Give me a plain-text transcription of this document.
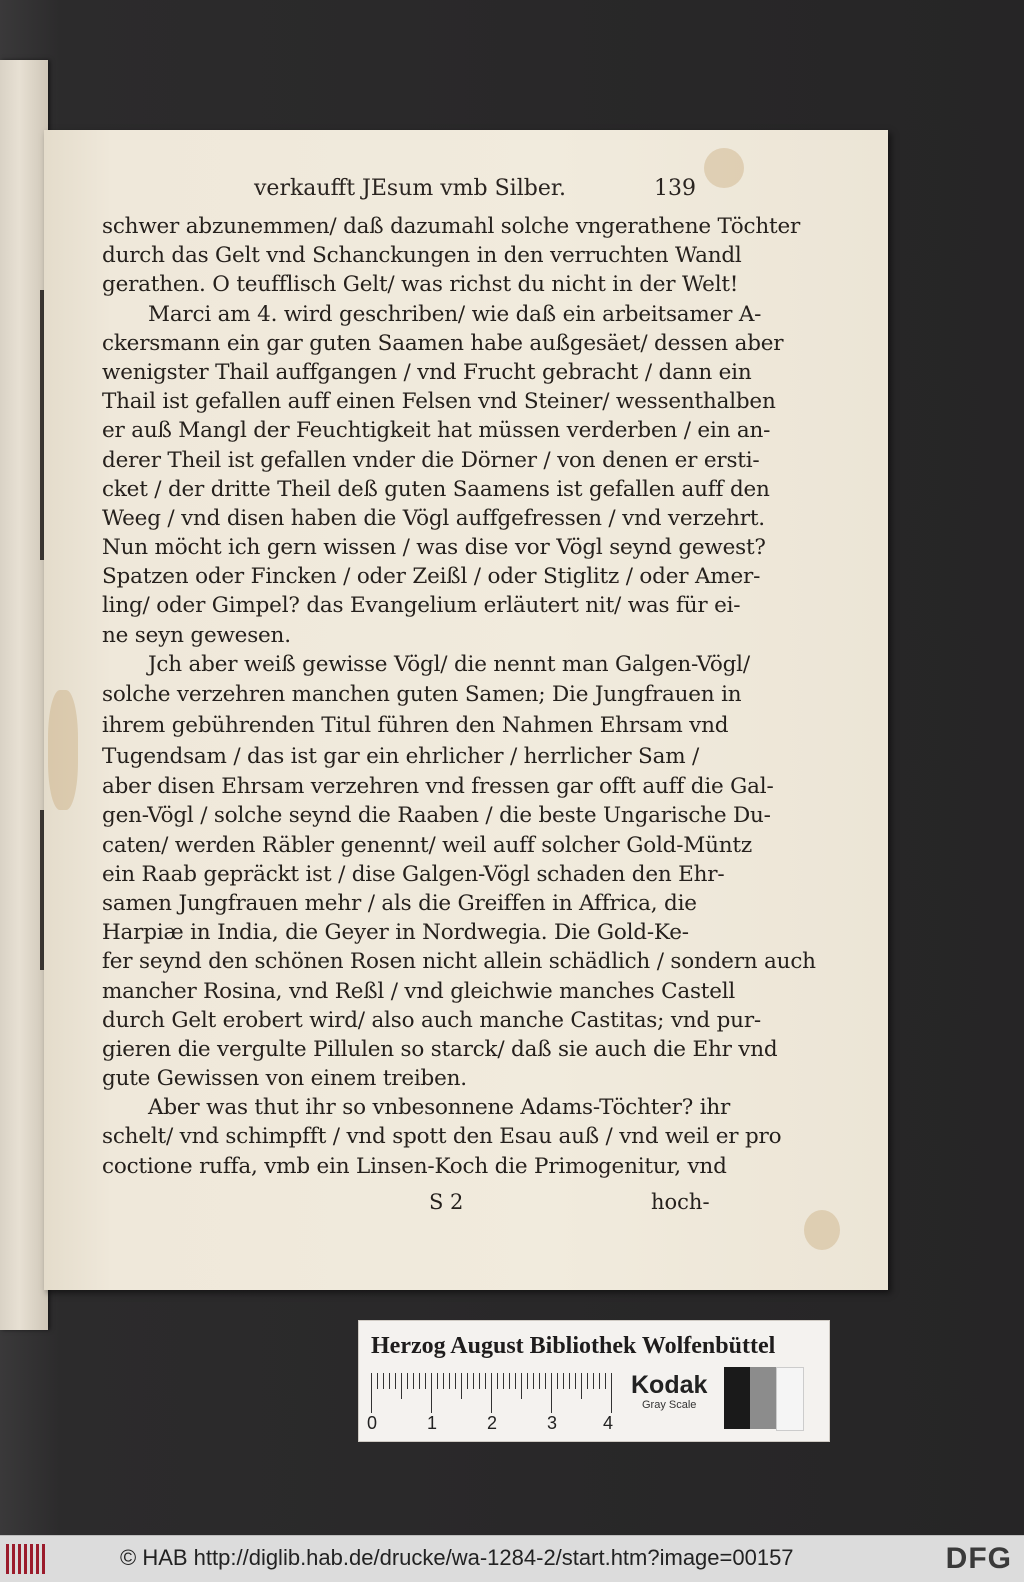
verkaufft JEsum vmb Silber.	139
schwer abzunemmen/ daß dazumahl solche vngerathene Töchter
durch das Gelt vnd Schanckungen in den verruchten Wandl
gerathen. O teufflisch Gelt/ was richst du nicht in der Welt!
Marci am 4. wird geschriben/ wie daß ein arbeitsamer A-
ckersmann ein gar guten Saamen habe außgesäet/ dessen aber
wenigster Thail auffgangen / vnd Frucht gebracht / dann ein
Thail ist gefallen auff einen Felsen vnd Steiner/ wessenthalben
er auß Mangl der Feuchtigkeit hat müssen verderben / ein an-
derer Theil ist gefallen vnder die Dörner / von denen er ersti-
cket / der dritte Theil deß guten Saamens ist gefallen auff den
Weeg / vnd disen haben die Vögl auffgefressen / vnd verzehrt.
Nun möcht ich gern wissen / was dise vor Vögl seynd gewest?
Spatzen oder Fincken / oder Zeißl / oder Stiglitz / oder Amer-
ling/ oder Gimpel? das Evangelium erläutert nit/ was für ei-
ne seyn gewesen.
Jch aber weiß gewisse Vögl/ die nennt man Galgen-Vögl/
solche verzehren manchen guten Samen; Die Jungfrauen in
ihrem gebührenden Titul führen den Nahmen Ehrsam vnd
Tugendsam / das ist gar ein ehrlicher / herrlicher Sam /
aber disen Ehrsam verzehren vnd fressen gar offt auff die Gal-
gen-Vögl / solche seynd die Raaben / die beste Ungarische Du-
caten/ werden Räbler genennt/ weil auff solcher Gold-Müntz
ein Raab gepräckt ist / dise Galgen-Vögl schaden den Ehr-
samen Jungfrauen mehr / als die Greiffen in Affrica, die
Harpiæ in India, die Geyer in Nordwegia. Die Gold-Ke-
fer seynd den schönen Rosen nicht allein schädlich / sondern auch
mancher Rosina, vnd Reßl / vnd gleichwie manches Castell
durch Gelt erobert wird/ also auch manche Castitas; vnd pur-
gieren die vergulte Pillulen so starck/ daß sie auch die Ehr vnd
gute Gewissen von einem treiben.
Aber was thut ihr so vnbesonnene Adams-Töchter? ihr
schelt/ vnd schimpfft / vnd spott den Esau auß / vnd weil er pro
coctione ruffa, vmb ein Linsen-Koch die Primogenitur, vnd
S 2	hoch-
Herzog August Bibliothek Wolfenbüttel
0	1	2	3	4
Kodak
Gray Scale
© HAB http://diglib.hab.de/drucke/wa-1284-2/start.htm?image=00157	DFG
